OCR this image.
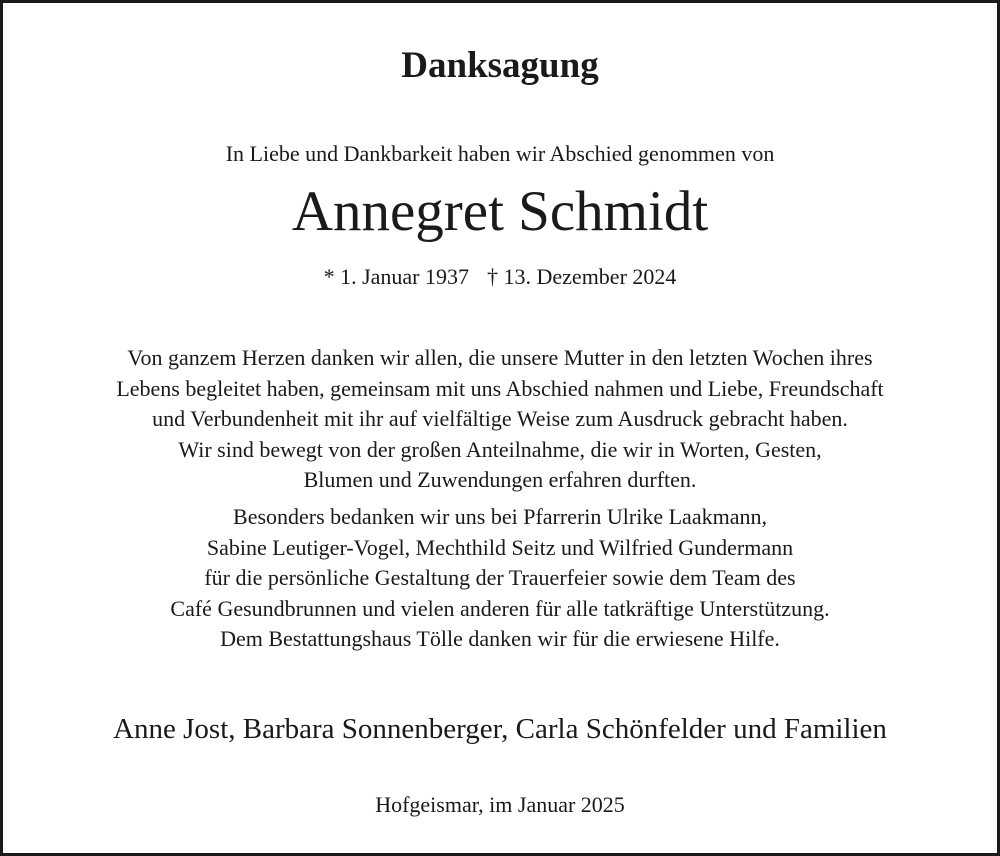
Danksagung

In Liebe und Dankbarkeit haben wir Abschied genommen von

Annegret Schmidt

* 1. Januar 1937 † 13. Dezember 2024

Von ganzem Herzen danken wir allen, die unsere Mutter in den letzten Wochen ihres
Lebens begleitet haben, gemeinsam mit uns Abschied nahmen und Liebe, Freundschaft
und Verbundenheit mit ihr auf vielfältige Weise zum Ausdruck gebracht haben.
Wir sind bewegt von der großen Anteilnahme, die wir in Worten, Gesten,
Blumen und Zuwendungen erfahren durften.
Besonders bedanken wir uns bei Pfarrerin Ulrike Laakmann,
Sabine Leutiger-Vogel, Mechthild Seitz und Wilfried Gundermann
für die persönliche Gestaltung der Trauerfeier sowie dem Team des
Café Gesundbrunnen und vielen anderen für alle tatkräftige Unterstützung.
Dem Bestattungshaus Tölle danken wir für die erwiesene Hilfe.

Anne Jost, Barbara Sonnenberger, Carla Schönfelder und Familien

Hofgeismar, im Januar 2025
